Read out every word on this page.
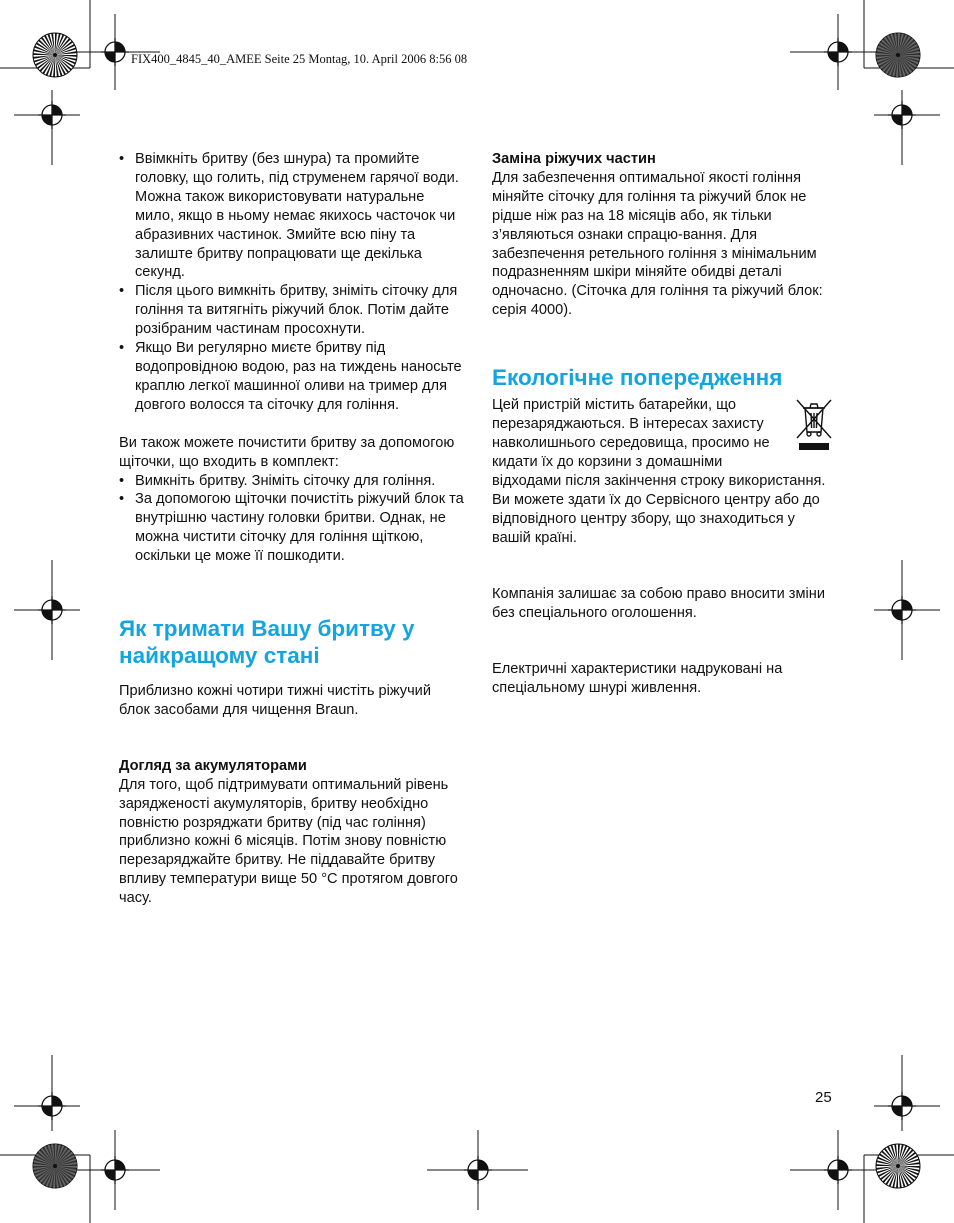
FIX400_4845_40_AMEE Seite 25 Montag, 10. April 2006 8:56 08
• Ввімкніть бритву (без шнура) та промийте головку, що голить, під струменем гарячої води. Можна також використовувати натуральне мило, якщо в ньому немає якихось часточок чи абразивних частинок. Змийте всю піну та залиште бритву попрацювати ще декілька секунд.
• Після цього вимкніть бритву, зніміть сіточку для гоління та витягніть ріжучий блок. Потім дайте розібраним частинам просохнути.
• Якщо Ви регулярно миєте бритву під водопровідною водою, раз на тиждень наносьте краплю легкої машинної оливи на тример для довгого волосся та сіточку для гоління.

Ви також можете почистити бритву за допомогою щіточки, що входить в комплект:

• Вимкніть бритву. Зніміть сіточку для гоління.
• За допомогою щіточки почистіть ріжучий блок та внутрішню частину головки бритви. Однак, не можна чистити сіточку для гоління щіткою, оскільки це може її пошкодити.
Як тримати Вашу бритву у найкращому стані

Приблизно кожні чотири тижні чистіть ріжучий блок засобами для чищення Braun.

Догляд за акумуляторами

Для того, щоб підтримувати оптимальний рівень зарядженості акумуляторів, бритву необхідно повністю розряджати бритву (під час гоління) приблизно кожні 6 місяців. Потім знову повністю перезаряджайте бритву. Не піддавайте бритву впливу температури вище 50 °C протягом довгого часу.

Заміна ріжучих частин

Для забезпечення оптимальної якості гоління міняйте сіточку для гоління та ріжучий блок не рідше ніж раз на 18 місяців або, як тільки з’являються ознаки спрацю-вання. Для забезпечення ретельного гоління з мінімальним подразненням шкіри міняйте обидві деталі одночасно. (Сіточка для гоління та ріжучий блок: серія 4000).

Екологічне попередження

Цей пристрій містить батарейки, що перезаряджаються. В інтересах захисту навколишнього середовища, просимо не кидати їх до корзини з домашніми відходами після закінчення строку використання. Ви можете здати їх до Сервісного центру або до відповідного центру збору, що знаходиться у вашій країні.

Компанія залишає за собою право вносити зміни без спеціального оголошення.

Електричні характеристики надруковані на спеціальному шнурі живлення.

25
